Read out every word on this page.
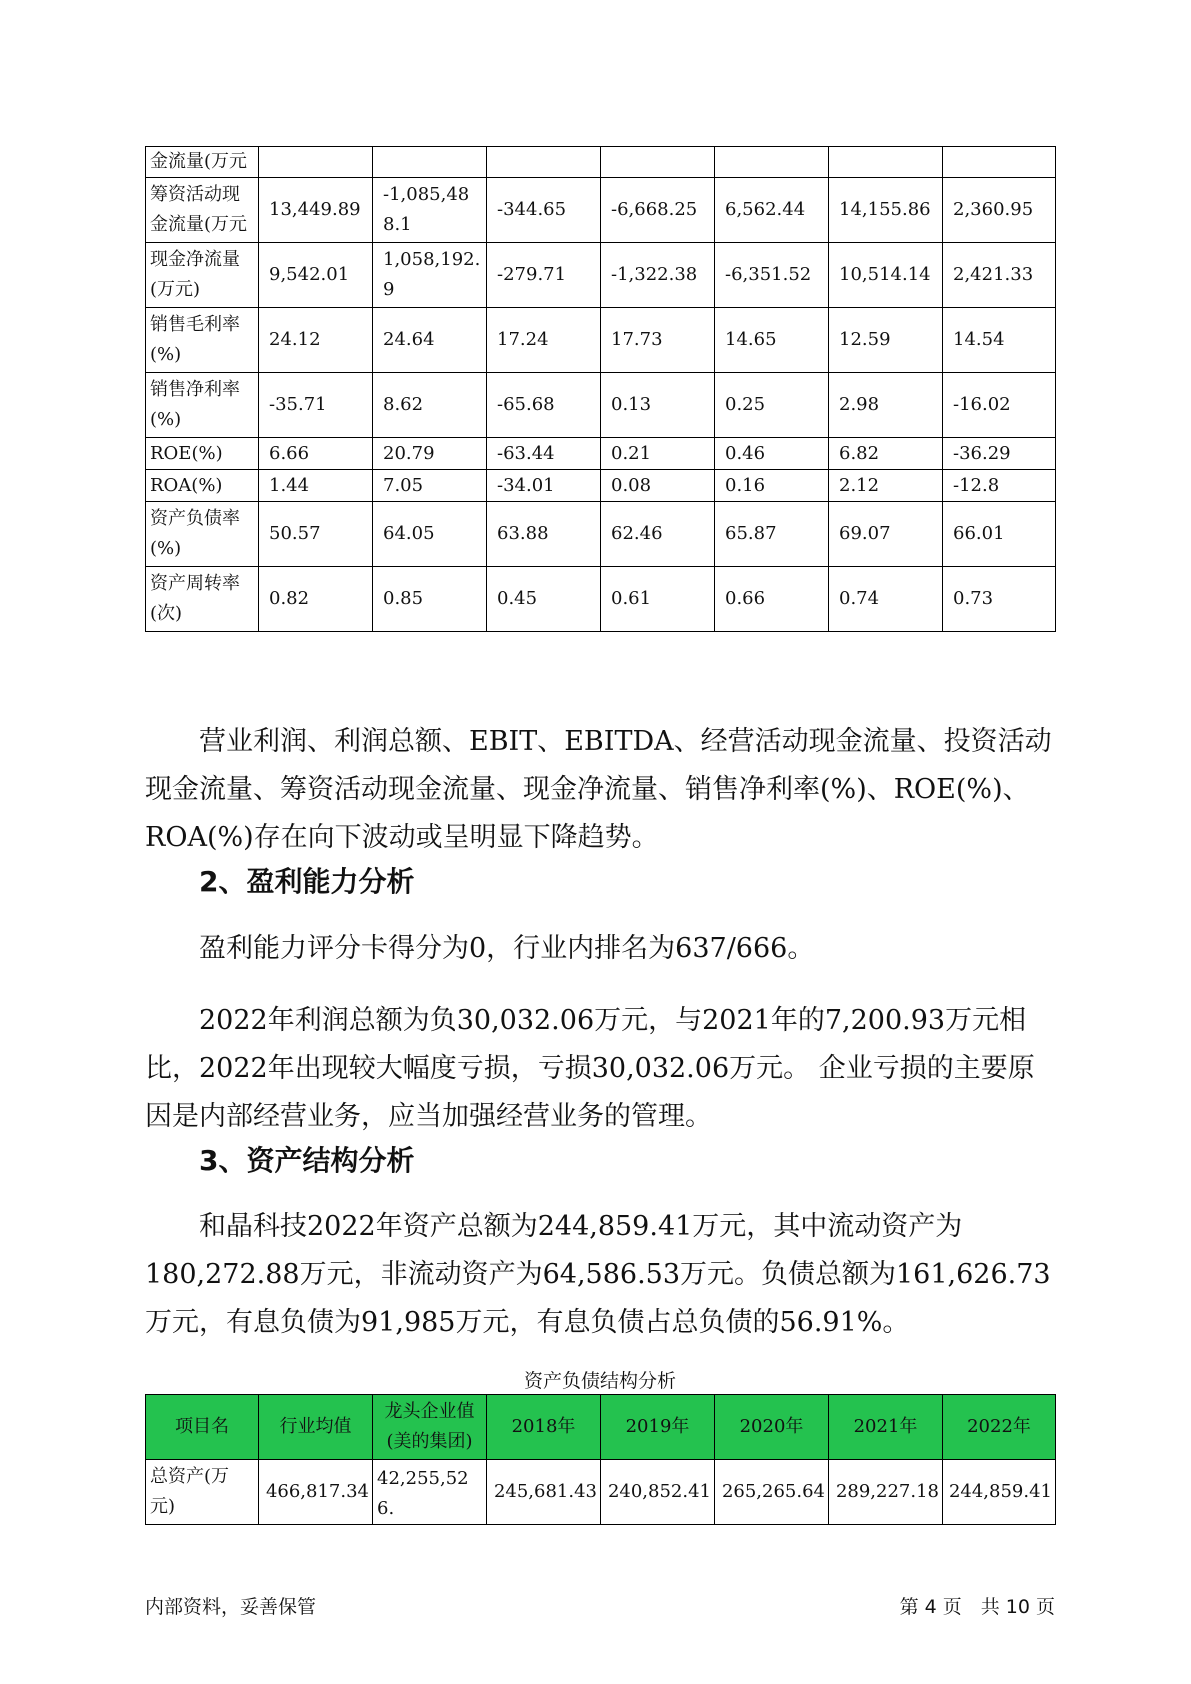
金流量(万元							
筹资活动现金流量(万元	13,449.89	-1,085,488.1	-344.65	-6,668.25	6,562.44	14,155.86	2,360.95
现金净流量(万元)	9,542.01	1,058,192.9	-279.71	-1,322.38	-6,351.52	10,514.14	2,421.33
销售毛利率(%)	24.12	24.64	17.24	17.73	14.65	12.59	14.54
销售净利率(%)	-35.71	8.62	-65.68	0.13	0.25	2.98	-16.02
ROE(%)	6.66	20.79	-63.44	0.21	0.46	6.82	-36.29
ROA(%)	1.44	7.05	-34.01	0.08	0.16	2.12	-12.8
资产负债率(%)	50.57	64.05	63.88	62.46	65.87	69.07	66.01
资产周转率(次)	0.82	0.85	0.45	0.61	0.66	0.74	0.73

营业利润、利润总额、EBIT、EBITDA、经营活动现金流量、投资活动现金流量、筹资活动现金流量、现金净流量、销售净利率(%)、ROE(%)、ROA(%)存在向下波动或呈明显下降趋势。

2、盈利能力分析

盈利能力评分卡得分为0，行业内排名为637/666。

2022年利润总额为负30,032.06万元，与2021年的7,200.93万元相比，2022年出现较大幅度亏损，亏损30,032.06万元。 企业亏损的主要原因是内部经营业务，应当加强经营业务的管理。

3、资产结构分析

和晶科技2022年资产总额为244,859.41万元，其中流动资产为180,272.88万元，非流动资产为64,586.53万元。负债总额为161,626.73万元，有息负债为91,985万元，有息负债占总负债的56.91%。

资产负债结构分析

项目名	行业均值	龙头企业值(美的集团)	2018年	2019年	2020年	2021年	2022年
总资产(万元)	466,817.34	42,255,526.	245,681.43	240,852.41	265,265.64	289,227.18	244,859.41
内部资料，妥善保管	第 4 页　共 10 页
